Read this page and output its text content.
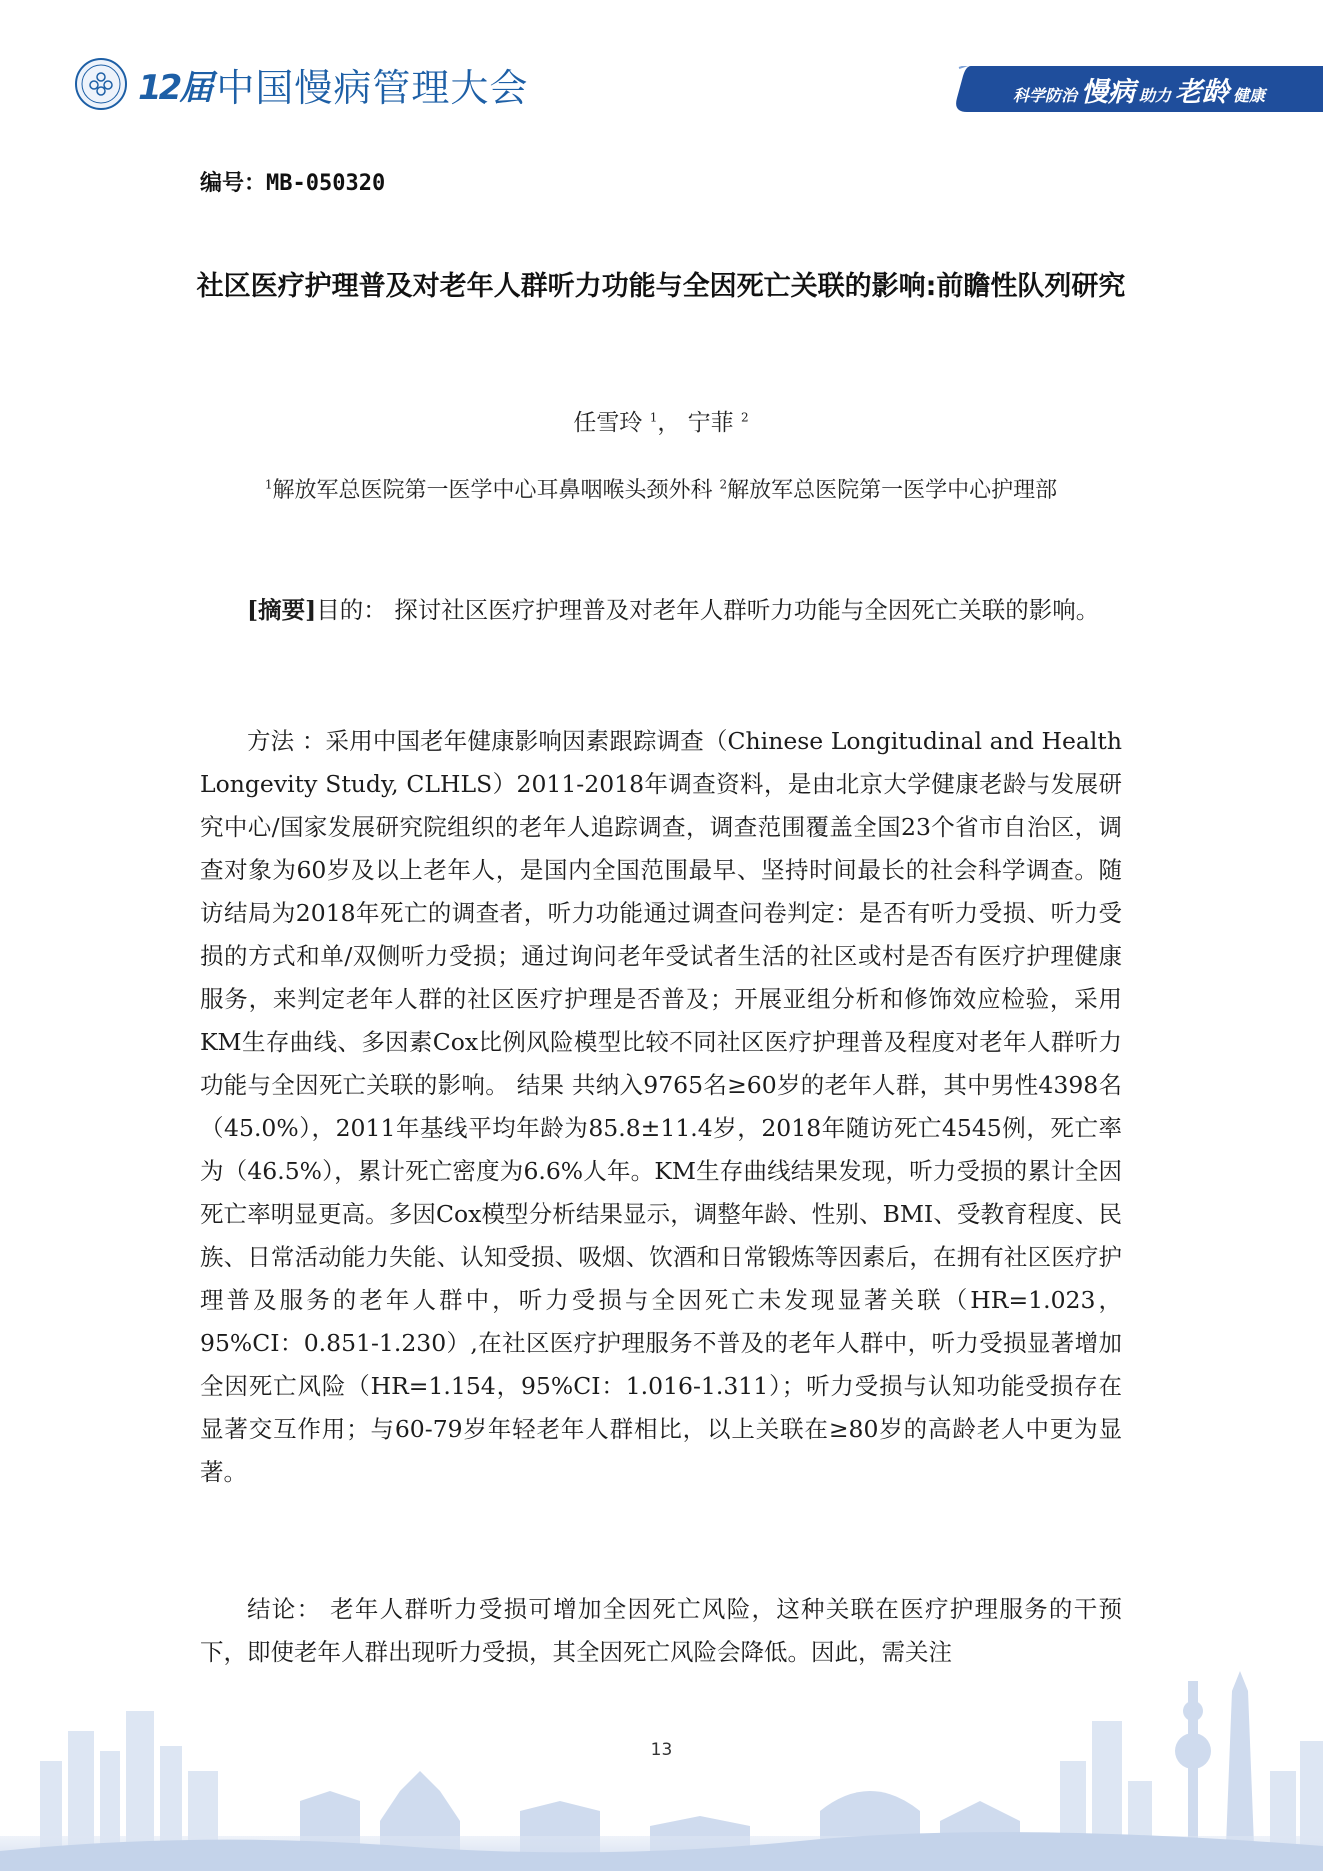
12届 中国慢病管理大会	科学防治 慢病 助力 老龄 健康
编号：MB-050320
社区医疗护理普及对老年人群听力功能与全因死亡关联的影响:前瞻性队列研究
任雪玲 $^1$， 宁菲 $^2$
$^1$解放军总医院第一医学中心耳鼻咽喉头颈外科 $^2$解放军总医院第一医学中心护理部
[摘要]目的： 探讨社区医疗护理普及对老年人群听力功能与全因死亡关联的影响。
方法 ：采用中国老年健康影响因素跟踪调查（Chinese Longitudinal and Health Longevity Study, CLHLS）2011-2018年调查资料，是由北京大学健康老龄与发展研究中心/国家发展研究院组织的老年人追踪调查，调查范围覆盖全国23个省市自治区，调查对象为60岁及以上老年人，是国内全国范围最早、坚持时间最长的社会科学调查。随访结局为2018年死亡的调查者，听力功能通过调查问卷判定：是否有听力受损、听力受损的方式和单/双侧听力受损；通过询问老年受试者生活的社区或村是否有医疗护理健康服务，来判定老年人群的社区医疗护理是否普及；开展亚组分析和修饰效应检验，采用KM生存曲线、多因素Cox比例风险模型比较不同社区医疗护理普及程度对老年人群听力功能与全因死亡关联的影响。 结果 共纳入9765名≥60岁的老年人群，其中男性4398名（45.0%），2011年基线平均年龄为85.8±11.4岁，2018年随访死亡4545例，死亡率为（46.5%），累计死亡密度为6.6%人年。KM生存曲线结果发现，听力受损的累计全因死亡率明显更高。多因Cox模型分析结果显示，调整年龄、性别、BMI、受教育程度、民族、日常活动能力失能、认知受损、吸烟、饮酒和日常锻炼等因素后，在拥有社区医疗护理普及服务的老年人群中，听力受损与全因死亡未发现显著关联（HR=1.023，95%CI：0.851-1.230）,在社区医疗护理服务不普及的老年人群中，听力受损显著增加全因死亡风险（HR=1.154，95%CI：1.016-1.311）；听力受损与认知功能受损存在显著交互作用；与60-79岁年轻老年人群相比，以上关联在≥80岁的高龄老人中更为显著。
结论： 老年人群听力受损可增加全因死亡风险，这种关联在医疗护理服务的干预下，即使老年人群出现听力受损，其全因死亡风险会降低。因此，需关注
13
